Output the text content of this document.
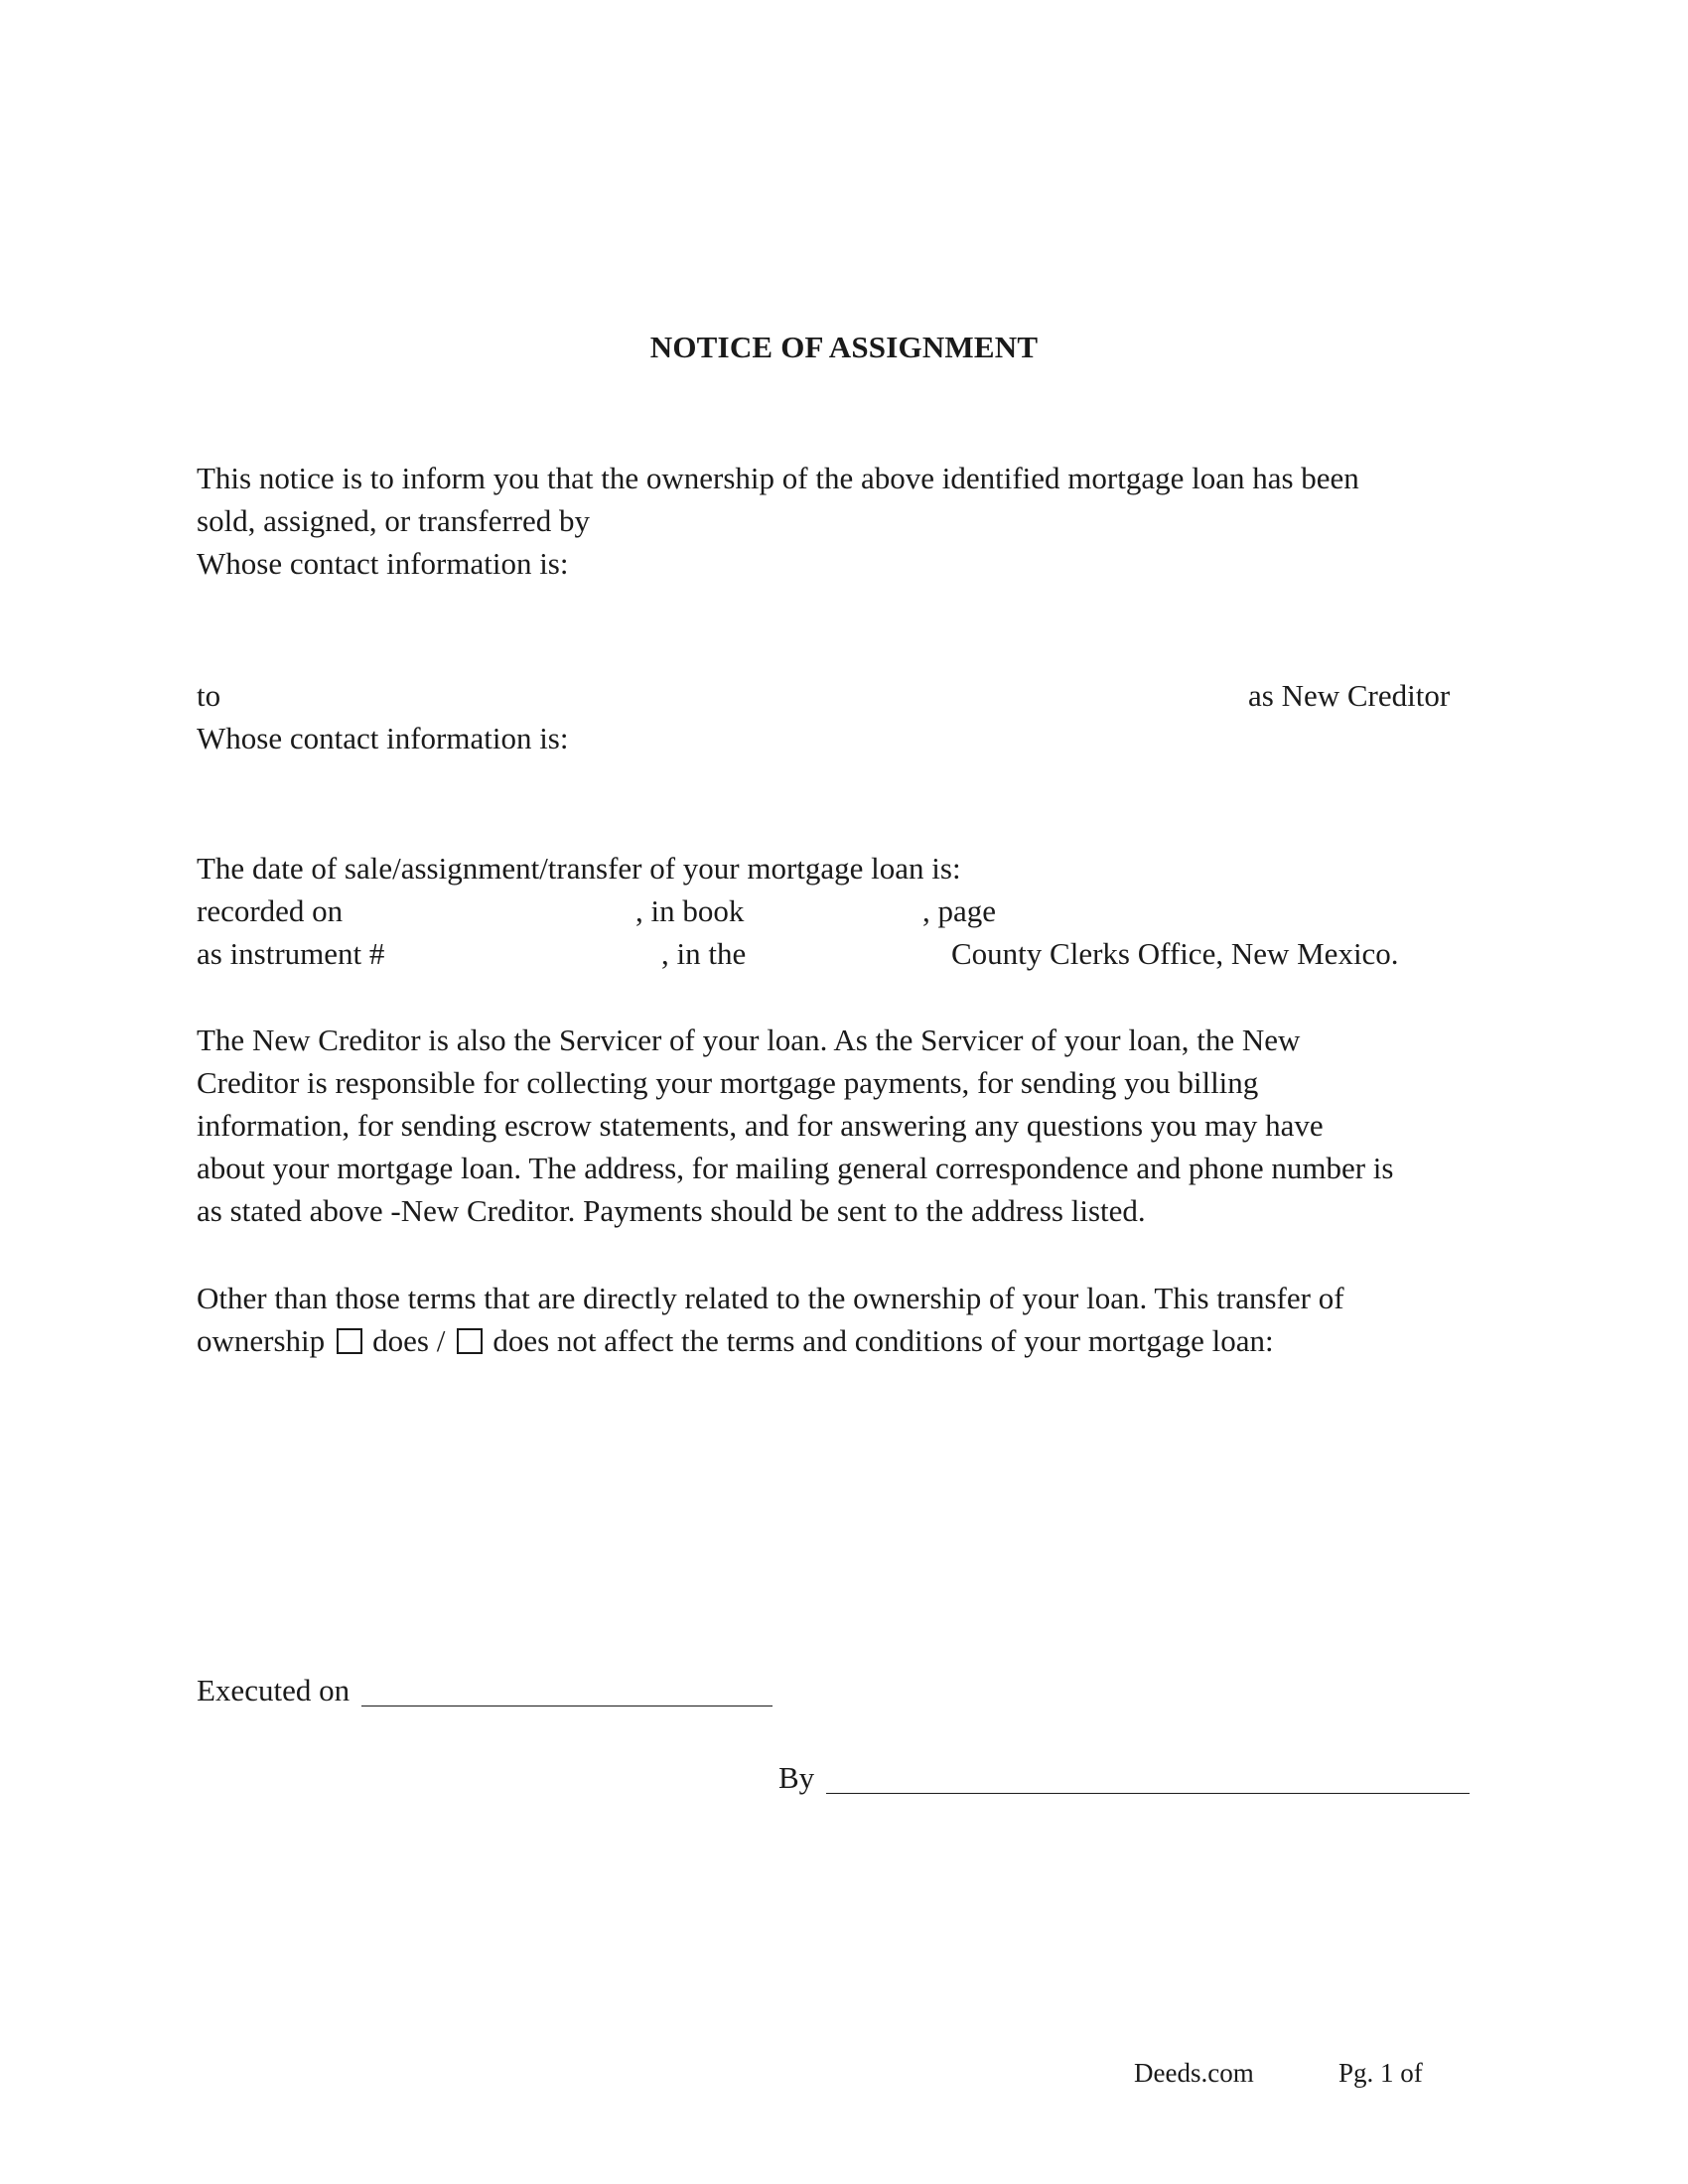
NOTICE OF ASSIGNMENT
This notice is to inform you that the ownership of the above identified mortgage loan has been
sold, assigned, or transferred by
Whose contact information is:
to	as New Creditor
Whose contact information is:
The date of sale/assignment/transfer of your mortgage loan is:
recorded on	, in book	, page
as instrument #	, in the	County Clerks Office, New Mexico.
The New Creditor is also the Servicer of your loan. As the Servicer of your loan, the New
Creditor is responsible for collecting your mortgage payments, for sending you billing
information, for sending escrow statements, and for answering any questions you may have
about your mortgage loan. The address, for mailing general correspondence and phone number is
as stated above -New Creditor. Payments should be sent to the address listed.
Other than those terms that are directly related to the ownership of your loan. This transfer of
ownership does / does not affect the terms and conditions of your mortgage loan:
Executed on
By
Deeds.com	Pg. 1 of
